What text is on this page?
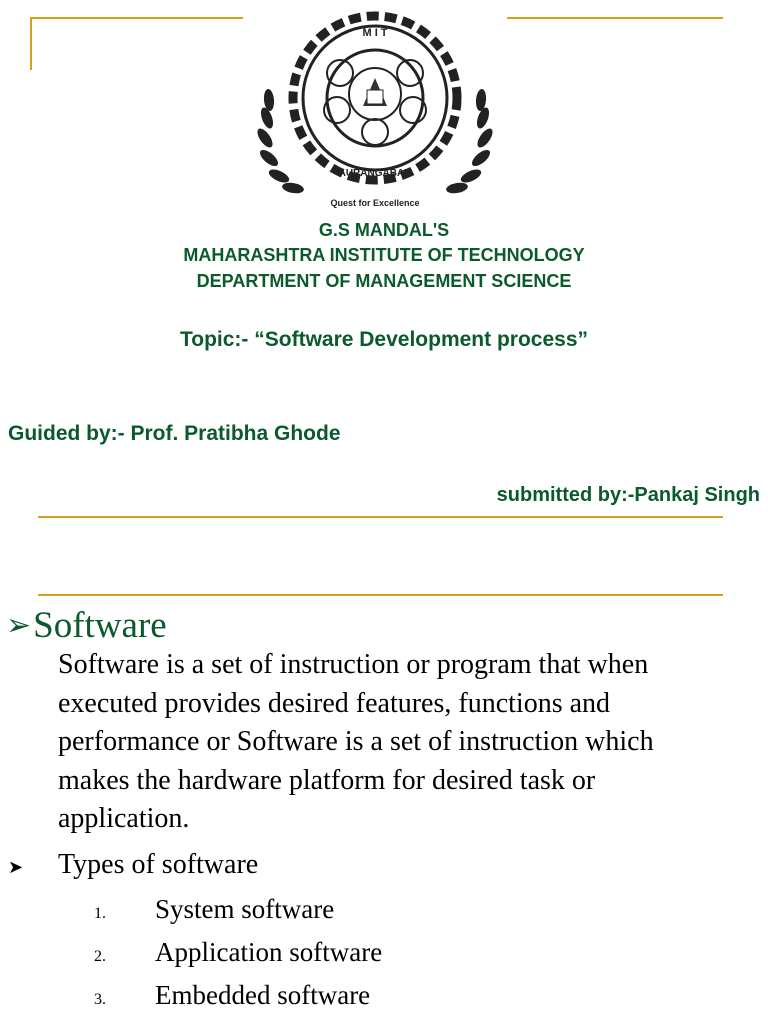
M I T
AURANGABAD
Quest for Excellence
G.S MANDAL'S
MAHARASHTRA INSTITUTE OF TECHNOLOGY
DEPARTMENT OF MANAGEMENT SCIENCE
Topic:- “Software Development process”
Guided by:- Prof. Pratibha Ghode
submitted by:-Pankaj Singh
➢ Software
Software is a set of instruction or program that when
executed provides desired features, functions and
performance or Software is a set of instruction which
makes the hardware platform for desired task or
application.
➤	Types of software
1.	System software
2.	Application software
3.	Embedded software
